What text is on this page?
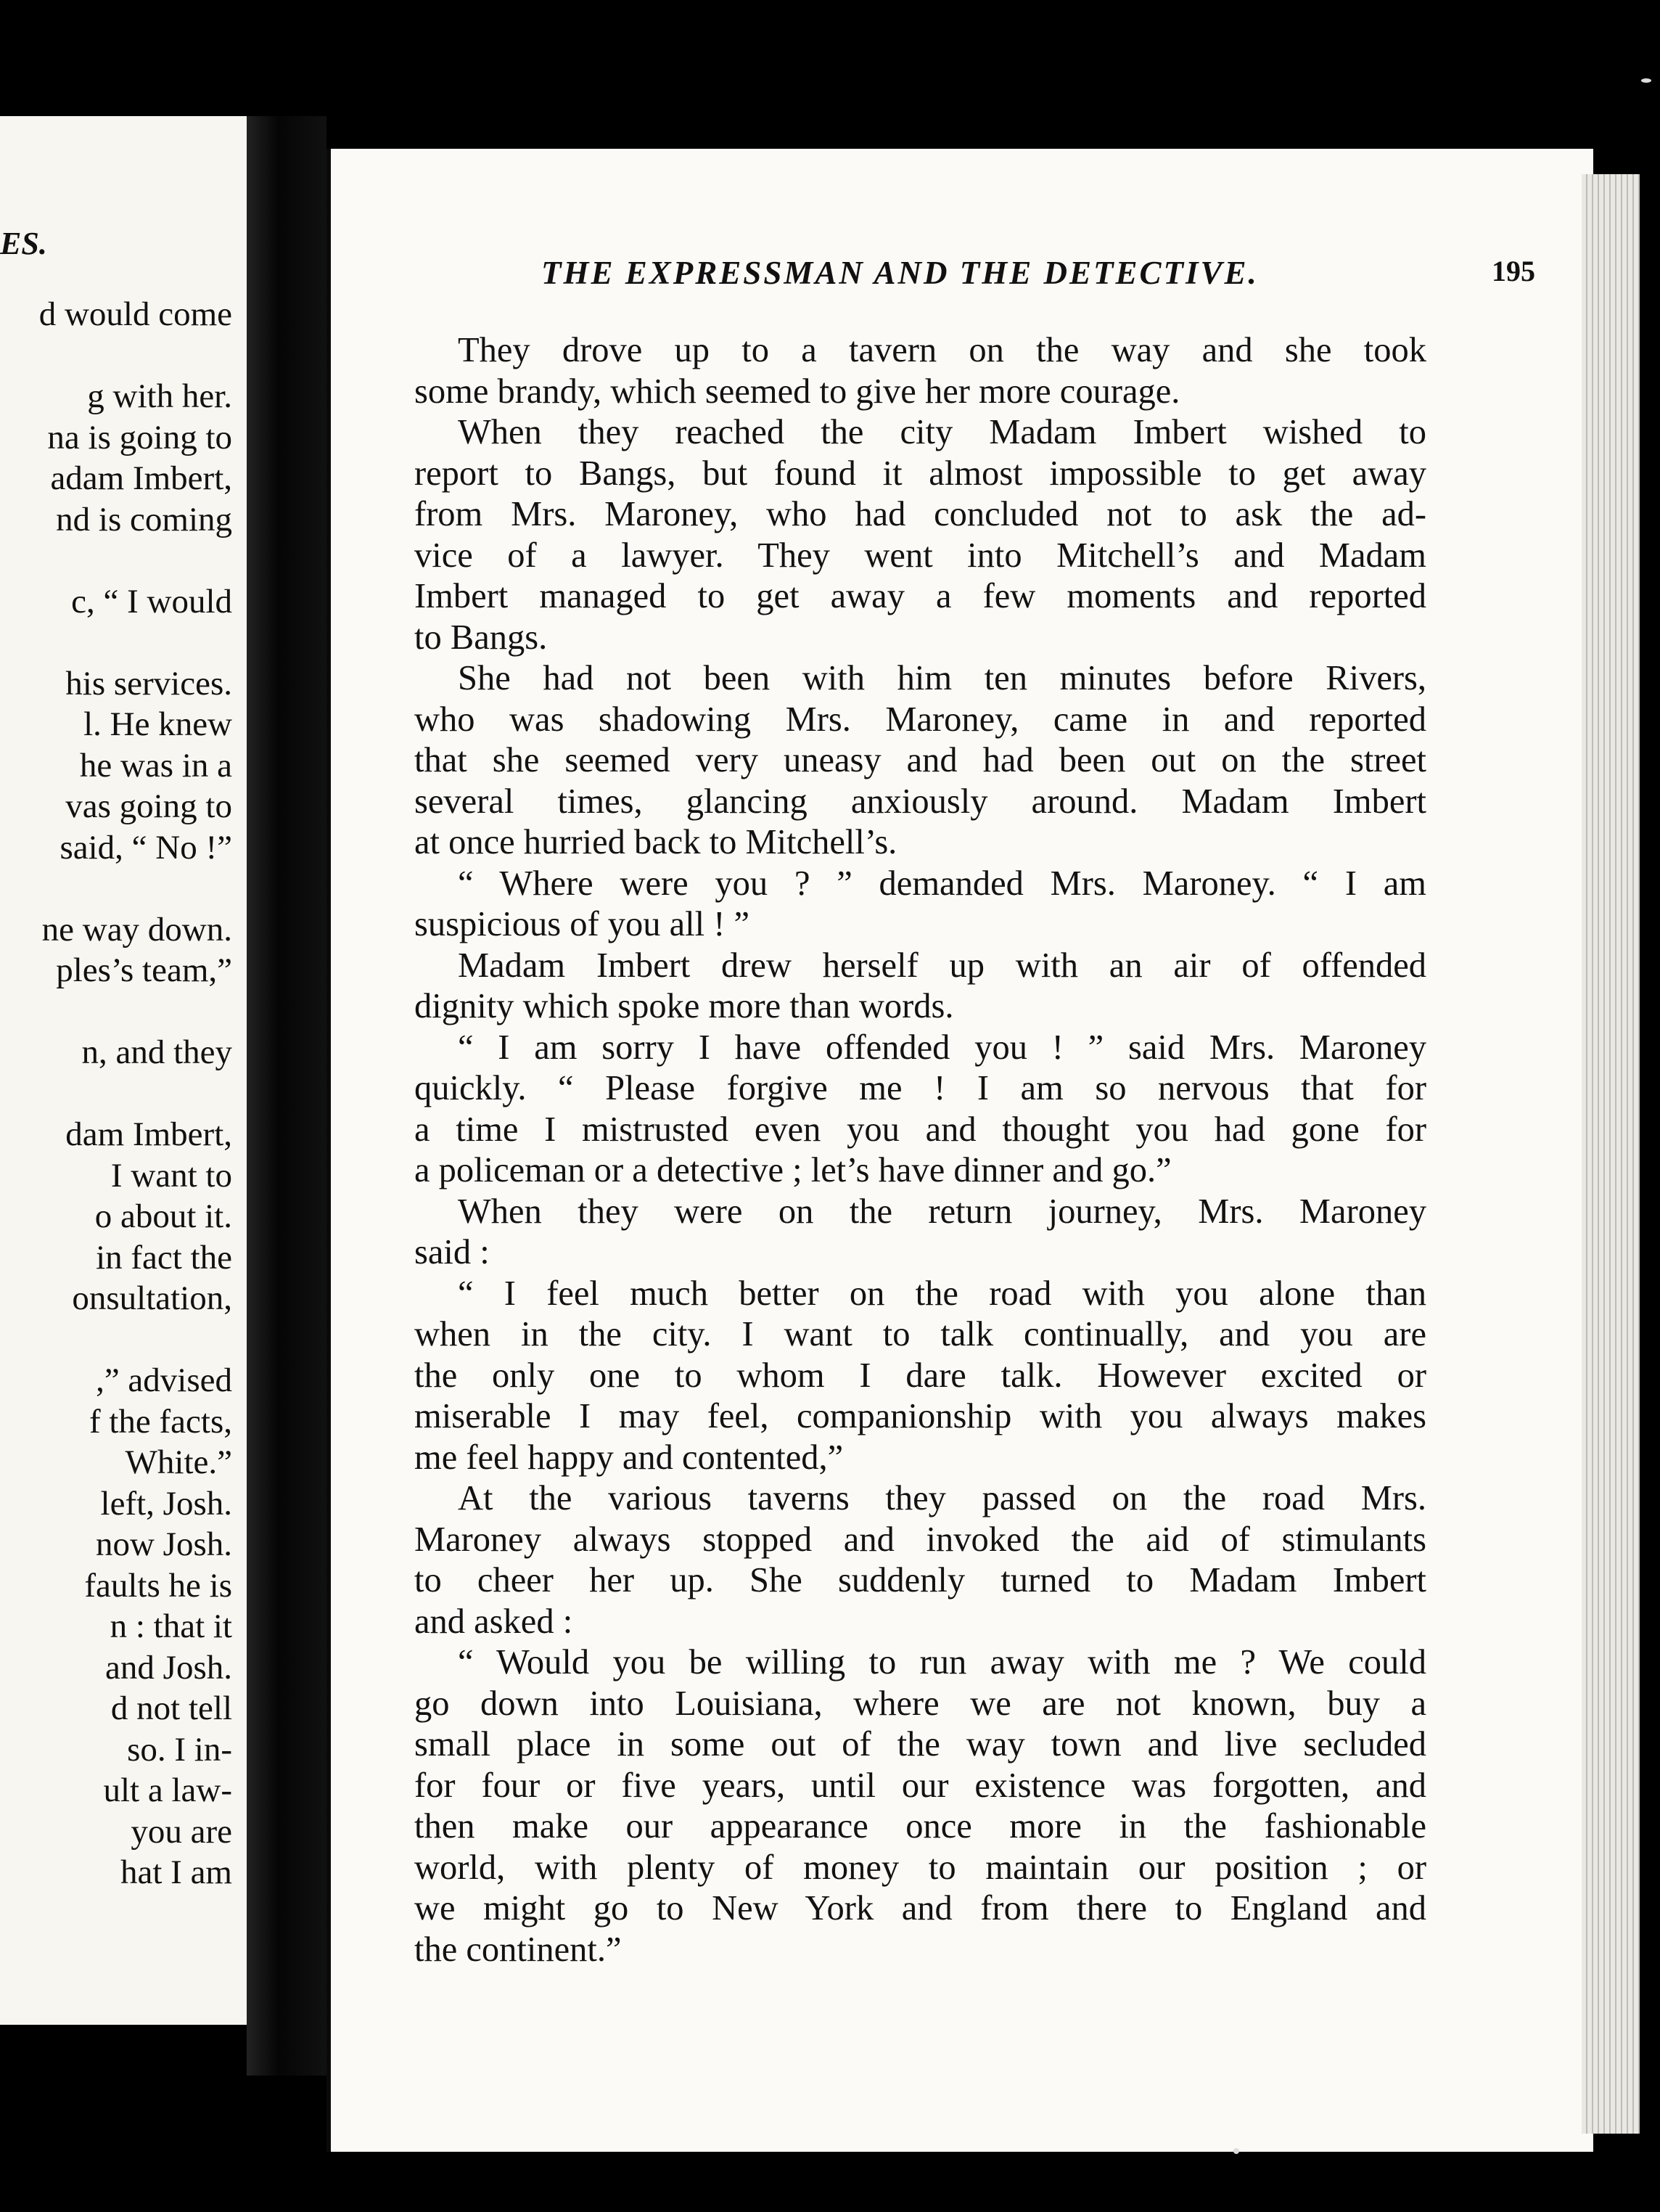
ES.
d would come
g with her.
na is going to
adam Imbert,
nd is coming
c, “ I would
his services.
l. He knew
he was in a
vas going to
said, “ No !”
ne way down.
ples’s team,”
n, and they
dam Imbert,
I want to
o about it.
in fact the
onsultation,
,” advised
f the facts,
White.”
left, Josh.
now Josh.
faults he is
n : that it
and Josh.
d not tell
so. I in-
ult a law-
you are
hat I am
THE EXPRESSMAN AND THE DETECTIVE.	195
They drove up to a tavern on the way and she took
some brandy, which seemed to give her more courage.
When they reached the city Madam Imbert wished to
report to Bangs, but found it almost impossible to get away
from Mrs. Maroney, who had concluded not to ask the ad-
vice of a lawyer. They went into Mitchell’s and Madam
Imbert managed to get away a few moments and reported
to Bangs.
She had not been with him ten minutes before Rivers,
who was shadowing Mrs. Maroney, came in and reported
that she seemed very uneasy and had been out on the street
several times, glancing anxiously around. Madam Imbert
at once hurried back to Mitchell’s.
“ Where were you ? ” demanded Mrs. Maroney. “ I am
suspicious of you all ! ”
Madam Imbert drew herself up with an air of offended
dignity which spoke more than words.
“ I am sorry I have offended you ! ” said Mrs. Maroney
quickly. “ Please forgive me ! I am so nervous that for
a time I mistrusted even you and thought you had gone for
a policeman or a detective ; let’s have dinner and go.”
When they were on the return journey, Mrs. Maroney
said :
“ I feel much better on the road with you alone than
when in the city. I want to talk continually, and you are
the only one to whom I dare talk. However excited or
miserable I may feel, companionship with you always makes
me feel happy and contented,”
At the various taverns they passed on the road Mrs.
Maroney always stopped and invoked the aid of stimulants
to cheer her up. She suddenly turned to Madam Imbert
and asked :
“ Would you be willing to run away with me ? We could
go down into Louisiana, where we are not known, buy a
small place in some out of the way town and live secluded
for four or five years, until our existence was forgotten, and
then make our appearance once more in the fashionable
world, with plenty of money to maintain our position ; or
we might go to New York and from there to England and
the continent.”
